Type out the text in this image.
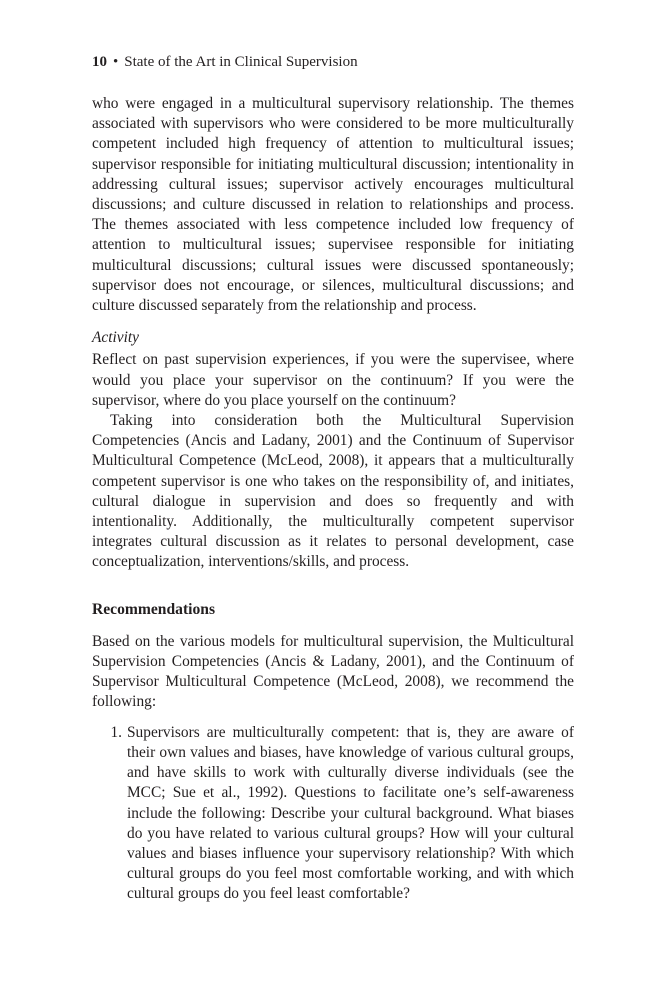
10 • State of the Art in Clinical Supervision

who were engaged in a multicultural supervisory relationship. The themes associated with supervisors who were considered to be more multiculturally competent included high frequency of attention to multicultural issues; supervisor responsible for initiating multicultural discussion; intentionality in addressing cultural issues; supervisor actively encourages multicultural discussions; and culture discussed in relation to relationships and process. The themes associated with less competence included low frequency of attention to multicultural issues; supervisee responsible for initiating multicultural discussions; cultural issues were discussed spontaneously; supervisor does not encourage, or silences, multicultural discussions; and culture discussed separately from the relationship and process.

Activity

Reflect on past supervision experiences, if you were the supervisee, where would you place your supervisor on the continuum? If you were the supervisor, where do you place yourself on the continuum?

Taking into consideration both the Multicultural Supervision Competencies (Ancis and Ladany, 2001) and the Continuum of Supervisor Multicultural Competence (McLeod, 2008), it appears that a multiculturally competent supervisor is one who takes on the responsibility of, and initiates, cultural dialogue in supervision and does so frequently and with intentionality. Additionally, the multiculturally competent supervisor integrates cultural discussion as it relates to personal development, case conceptualization, interventions/skills, and process.

Recommendations

Based on the various models for multicultural supervision, the Multicultural Supervision Competencies (Ancis & Ladany, 2001), and the Continuum of Supervisor Multicultural Competence (McLeod, 2008), we recommend the following:

1. Supervisors are multiculturally competent: that is, they are aware of their own values and biases, have knowledge of various cultural groups, and have skills to work with culturally diverse individuals (see the MCC; Sue et al., 1992). Questions to facilitate one’s self-awareness include the following: Describe your cultural background. What biases do you have related to various cultural groups? How will your cultural values and biases influence your supervisory relationship? With which cultural groups do you feel most comfortable working, and with which cultural groups do you feel least comfortable?
